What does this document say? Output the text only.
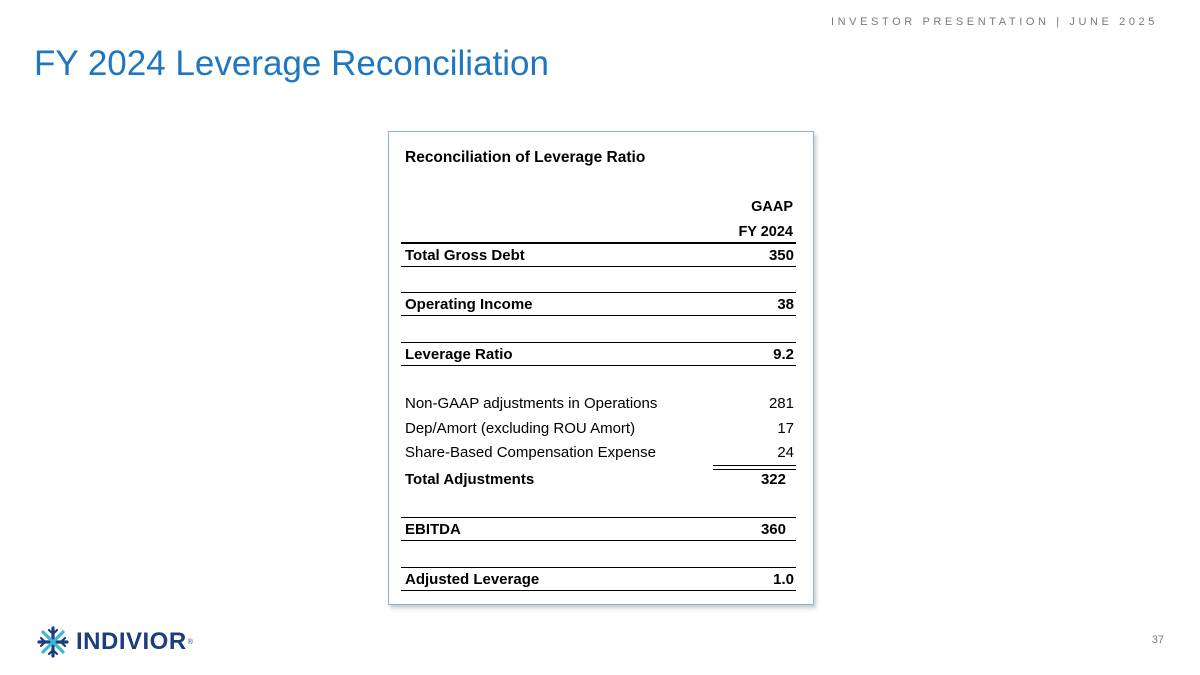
INVESTOR PRESENTATION | JUNE 2025
FY 2024 Leverage Reconciliation
Reconciliation of Leverage Ratio
GAAP
FY 2024
Total Gross Debt	350
Operating Income	38
Leverage Ratio	9.2
Non-GAAP adjustments in Operations	281
Dep/Amort (excluding ROU Amort)	17
Share-Based Compensation Expense	24
Total Adjustments	322
EBITDA	360
Adjusted Leverage	1.0
INDIVIOR ®	37
